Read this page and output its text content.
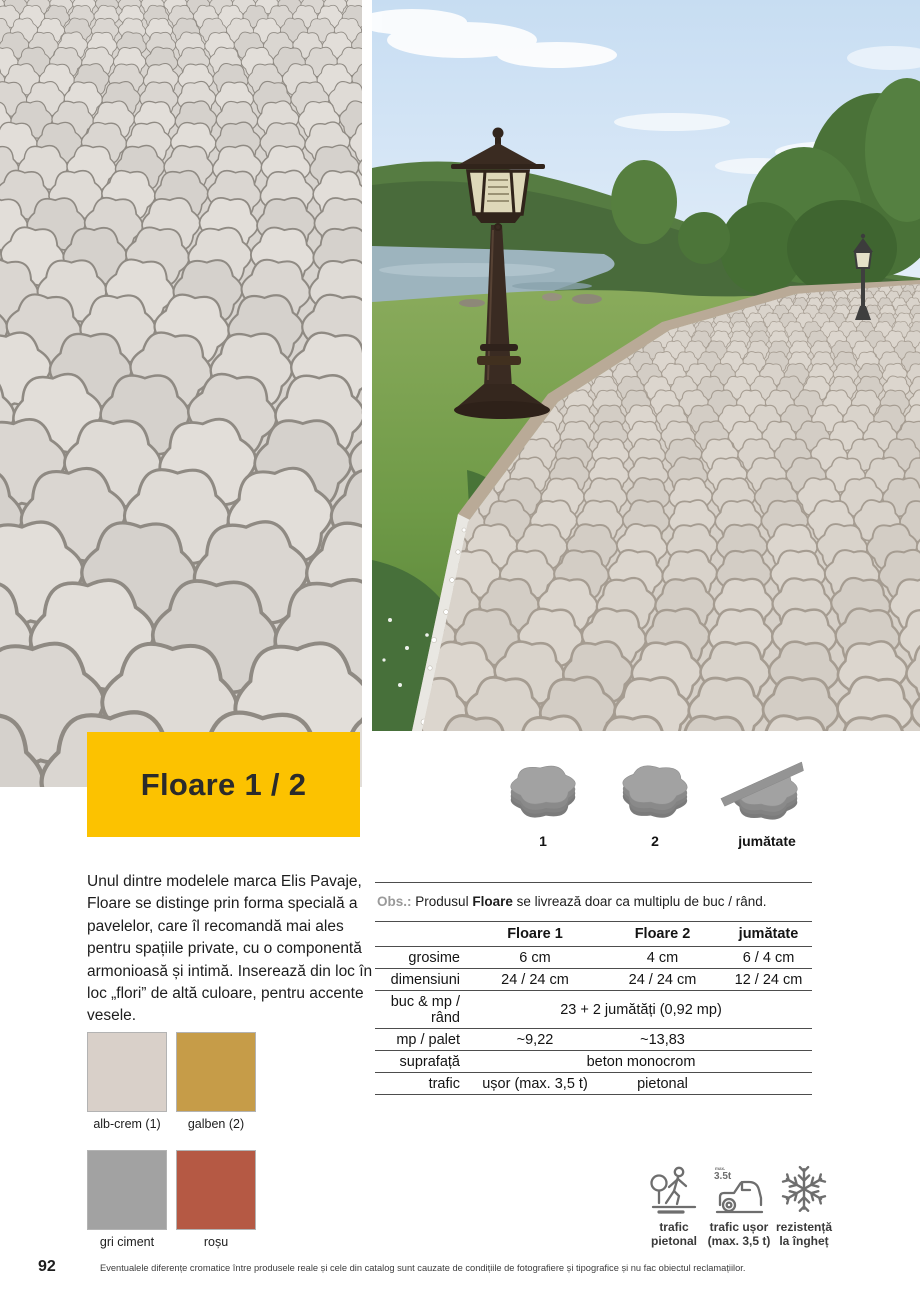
Floare 1 / 2

Unul dintre modelele marca Elis Pavaje, Floare se distinge prin forma specială a pavelelor, care îl recomandă mai ales pentru spațiile private, cu o componentă armonioasă și intimă. Inserează din loc în loc „flori” de altă culoare, pentru accente vesele.

alb-crem (1) galben (2)
gri ciment	roșu
1	2	jumătate
Obs.: Produsul Floare se livrează doar ca multiplu de buc / rând.
	Floare 1	Floare 2	jumătate
grosime	6 cm	4 cm	6 / 4 cm
dimensiuni	24 / 24 cm	24 / 24 cm	12 / 24 cm
buc & mp / rând	23 + 2 jumătăți (0,92 mp)		
mp / palet	~9,22	~13,83	
suprafață	beton monocrom		
trafic	ușor (max. 3,5 t)	pietonal	
trafic
pietonal
max.
3.5t
trafic ușor
(max. 3,5 t)
rezistență
la îngheț
92	Eventualele diferențe cromatice între produsele reale și cele din catalog sunt cauzate de condițiile de fotografiere și tipografice și nu fac obiectul reclamațiilor.
